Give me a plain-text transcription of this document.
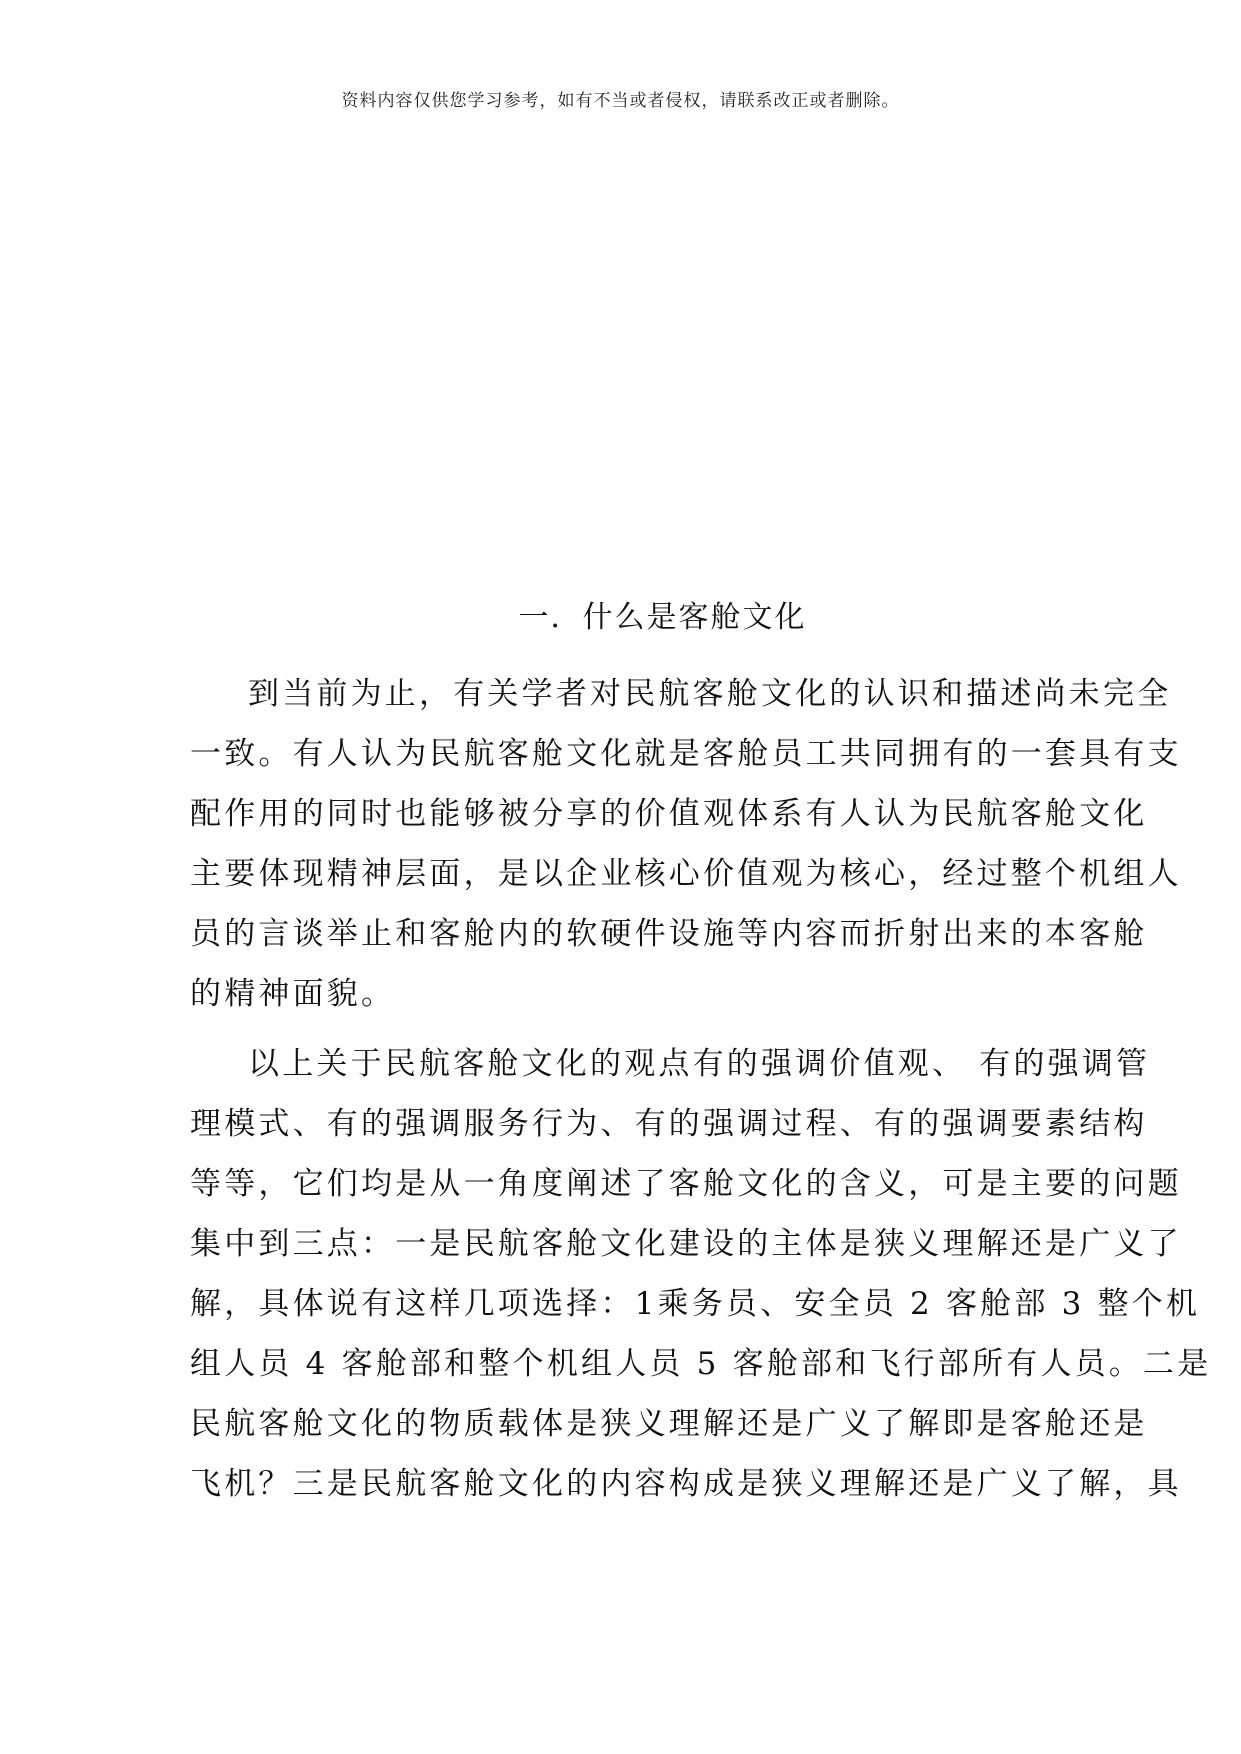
资料内容仅供您学习参考，如有不当或者侵权，请联系改正或者删除。
一．什么是客舱文化
到当前为止，有关学者对民航客舱文化的认识和描述尚未完全
一致。有人认为民航客舱文化就是客舱员工共同拥有的一套具有支
配作用的同时也能够被分享的价值观体系有人认为民航客舱文化
主要体现精神层面，是以企业核心价值观为核心，经过整个机组人
员的言谈举止和客舱内的软硬件设施等内容而折射出来的本客舱
的精神面貌。
以上关于民航客舱文化的观点有的强调价值观、 有的强调管
理模式、有的强调服务行为、有的强调过程、有的强调要素结构
等等，它们均是从一角度阐述了客舱文化的含义，可是主要的问题
集中到三点：一是民航客舱文化建设的主体是狭义理解还是广义了
解，具体说有这样几项选择：1乘务员、安全员 2 客舱部 3 整个机
组人员 4 客舱部和整个机组人员 5 客舱部和飞行部所有人员。二是
民航客舱文化的物质载体是狭义理解还是广义了解即是客舱还是
飞机？三是民航客舱文化的内容构成是狭义理解还是广义了解，具
